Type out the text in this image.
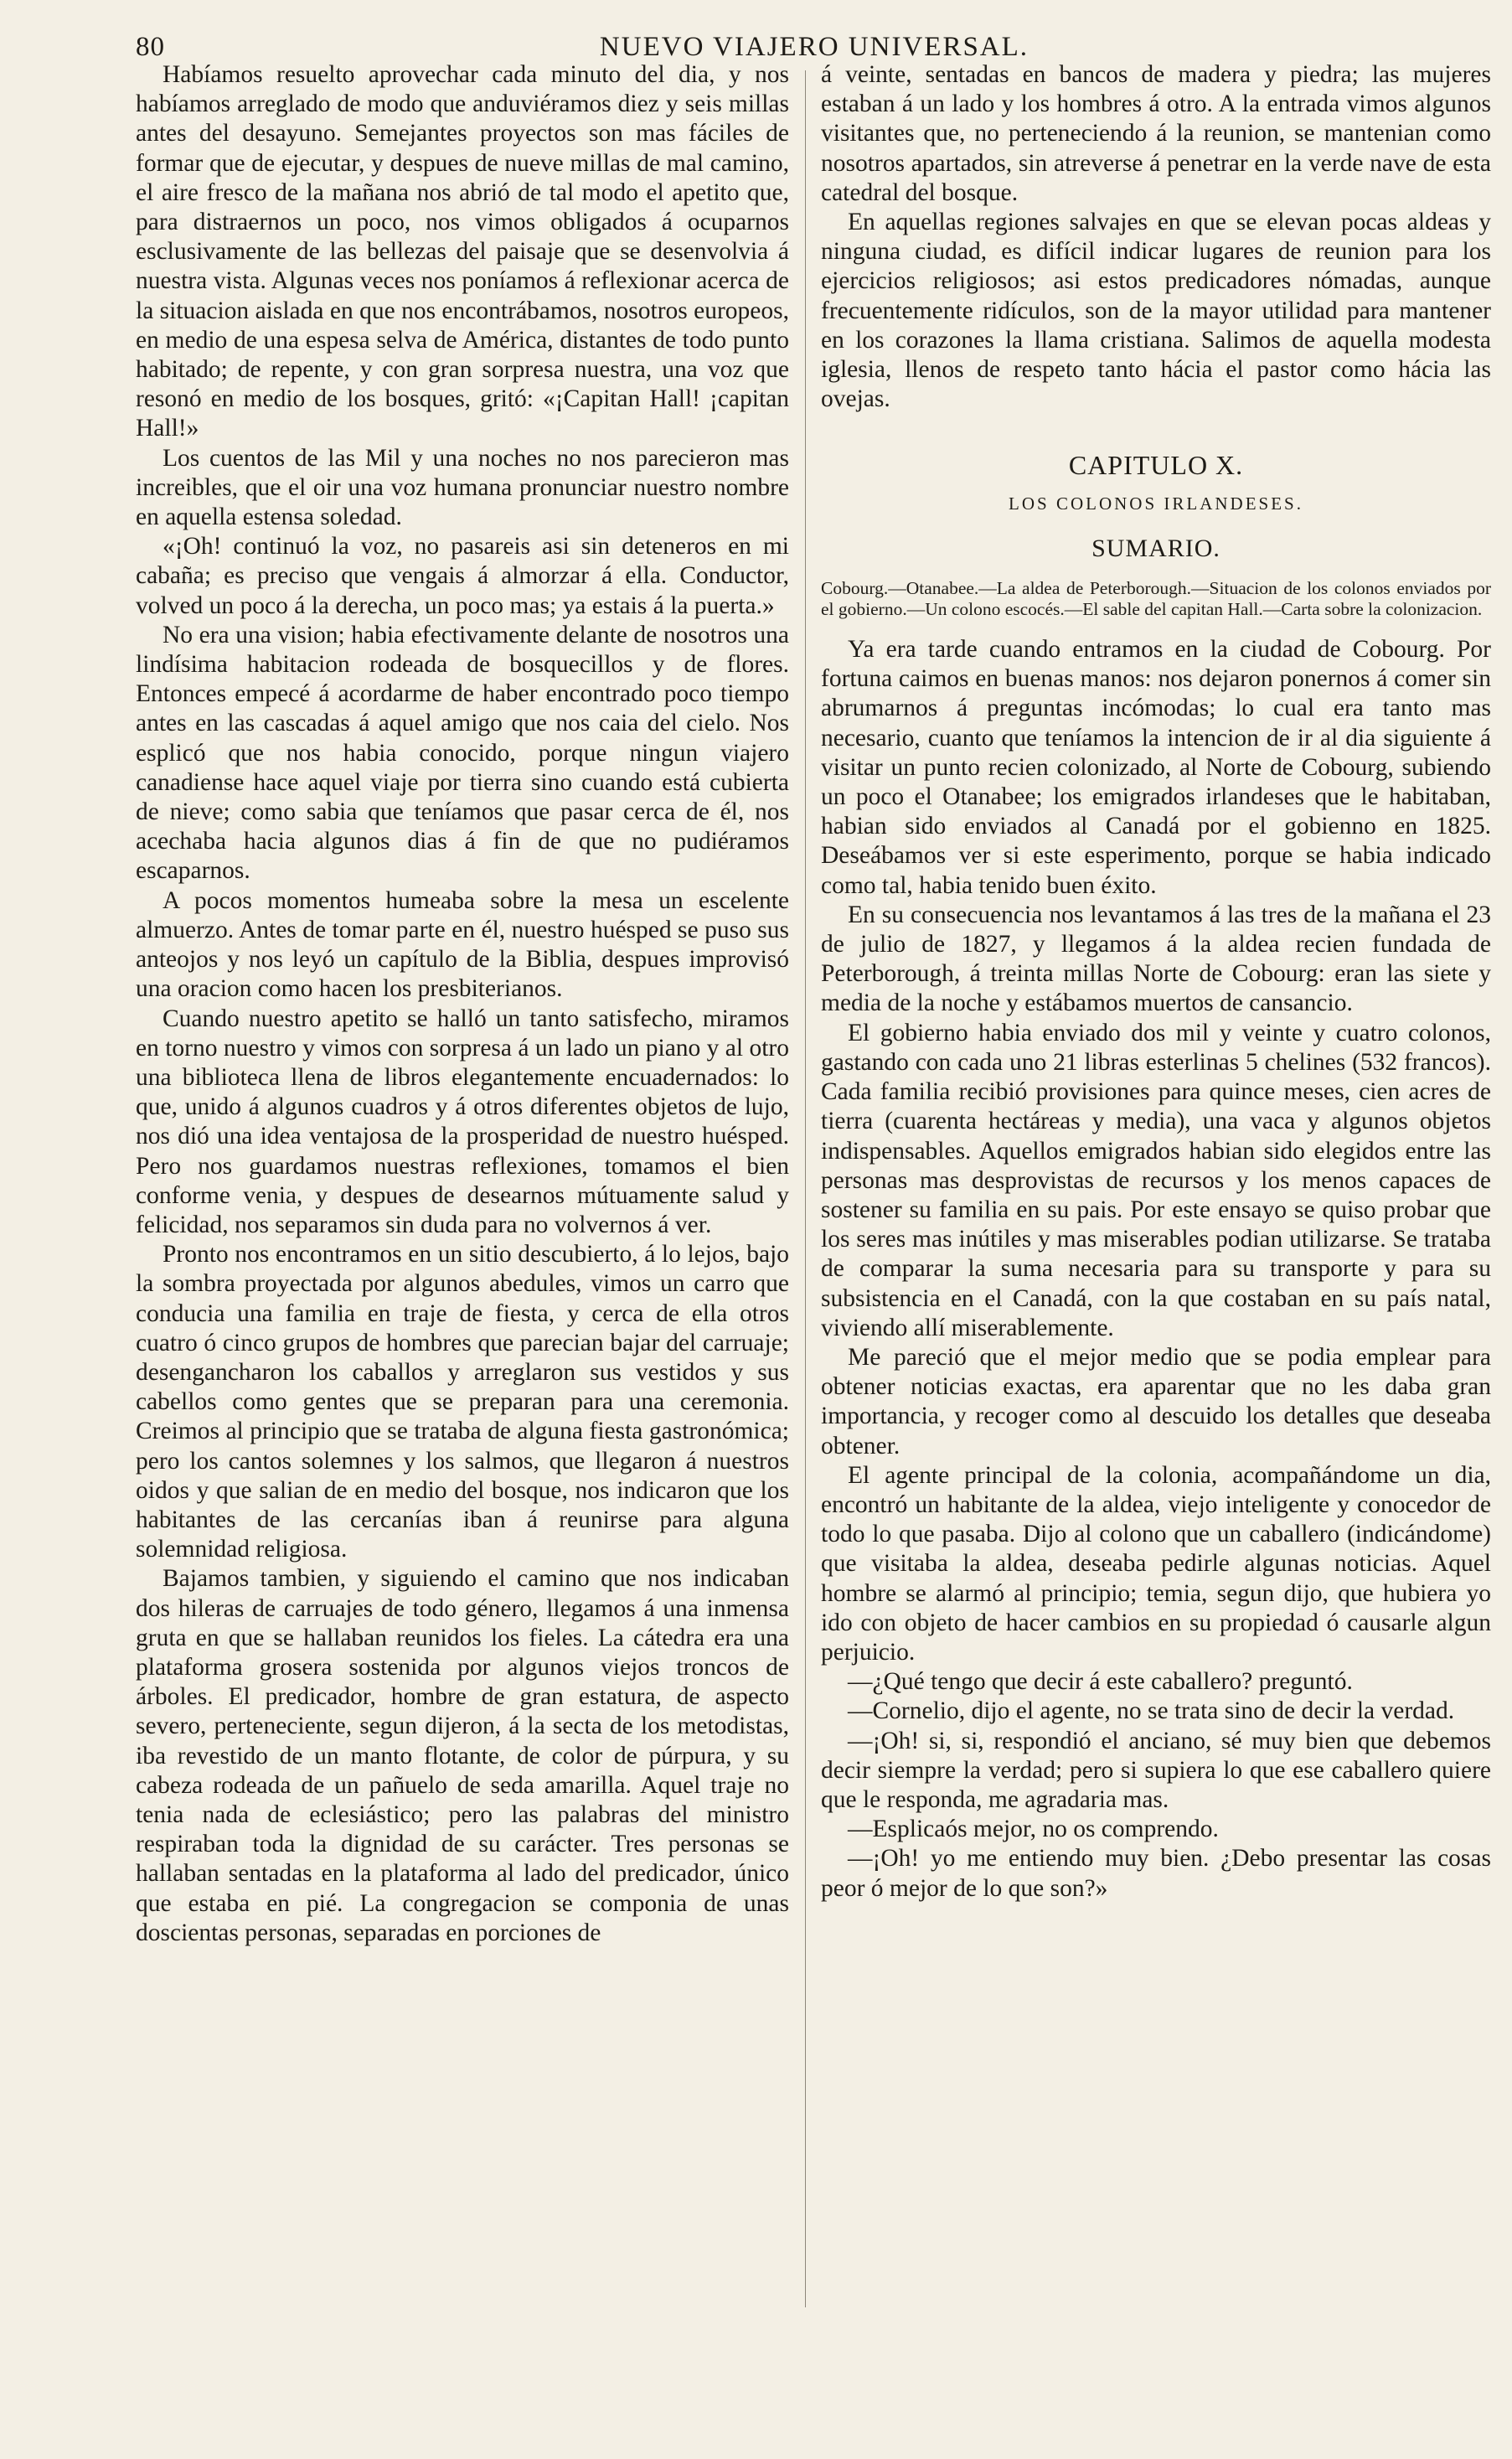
80	NUEVO VIAJERO UNIVERSAL.

Habíamos resuelto aprovechar cada minuto del dia, y nos habíamos arreglado de modo que anduviéramos diez y seis millas antes del desayuno. Semejantes proyectos son mas fáciles de formar que de ejecutar, y despues de nueve millas de mal camino, el aire fresco de la mañana nos abrió de tal modo el apetito que, para distraernos un poco, nos vimos obligados á ocuparnos esclusivamente de las bellezas del paisaje que se desenvolvia á nuestra vista. Algunas veces nos poníamos á reflexionar acerca de la situacion aislada en que nos encontrábamos, nosotros europeos, en medio de una espesa selva de América, distantes de todo punto habitado; de repente, y con gran sorpresa nuestra, una voz que resonó en medio de los bosques, gritó: «¡Capitan Hall! ¡capitan Hall!»

Los cuentos de las Mil y una noches no nos parecieron mas increibles, que el oir una voz humana pronunciar nuestro nombre en aquella estensa soledad.

«¡Oh! continuó la voz, no pasareis asi sin deteneros en mi cabaña; es preciso que vengais á almorzar á ella. Conductor, volved un poco á la derecha, un poco mas; ya estais á la puerta.»

No era una vision; habia efectivamente delante de nosotros una lindísima habitacion rodeada de bosquecillos y de flores. Entonces empecé á acordarme de haber encontrado poco tiempo antes en las cascadas á aquel amigo que nos caia del cielo. Nos esplicó que nos habia conocido, porque ningun viajero canadiense hace aquel viaje por tierra sino cuando está cubierta de nieve; como sabia que teníamos que pasar cerca de él, nos acechaba hacia algunos dias á fin de que no pudiéramos escaparnos.

A pocos momentos humeaba sobre la mesa un escelente almuerzo. Antes de tomar parte en él, nuestro huésped se puso sus anteojos y nos leyó un capítulo de la Biblia, despues improvisó una oracion como hacen los presbiterianos.

Cuando nuestro apetito se halló un tanto satisfecho, miramos en torno nuestro y vimos con sorpresa á un lado un piano y al otro una biblioteca llena de libros elegantemente encuadernados: lo que, unido á algunos cuadros y á otros diferentes objetos de lujo, nos dió una idea ventajosa de la prosperidad de nuestro huésped. Pero nos guardamos nuestras reflexiones, tomamos el bien conforme venia, y despues de desearnos mútuamente salud y felicidad, nos separamos sin duda para no volvernos á ver.

Pronto nos encontramos en un sitio descubierto, á lo lejos, bajo la sombra proyectada por algunos abedules, vimos un carro que conducia una familia en traje de fiesta, y cerca de ella otros cuatro ó cinco grupos de hombres que parecian bajar del carruaje; desengancharon los caballos y arreglaron sus vestidos y sus cabellos como gentes que se preparan para una ceremonia. Creimos al principio que se trataba de alguna fiesta gastronómica; pero los cantos solemnes y los salmos, que llegaron á nuestros oidos y que salian de en medio del bosque, nos indicaron que los habitantes de las cercanías iban á reunirse para alguna solemnidad religiosa.

Bajamos tambien, y siguiendo el camino que nos indicaban dos hileras de carruajes de todo género, llegamos á una inmensa gruta en que se hallaban reunidos los fieles. La cátedra era una plataforma grosera sostenida por algunos viejos troncos de árboles. El predicador, hombre de gran estatura, de aspecto severo, perteneciente, segun dijeron, á la secta de los metodistas, iba revestido de un manto flotante, de color de púrpura, y su cabeza rodeada de un pañuelo de seda amarilla. Aquel traje no tenia nada de eclesiástico; pero las palabras del ministro respiraban toda la dignidad de su carácter. Tres personas se hallaban sentadas en la plataforma al lado del predicador, único que estaba en pié. La congregacion se componia de unas doscientas personas, separadas en porciones de

á veinte, sentadas en bancos de madera y piedra; las mujeres estaban á un lado y los hombres á otro. A la entrada vimos algunos visitantes que, no perteneciendo á la reunion, se mantenian como nosotros apartados, sin atreverse á penetrar en la verde nave de esta catedral del bosque.

En aquellas regiones salvajes en que se elevan pocas aldeas y ninguna ciudad, es difícil indicar lugares de reunion para los ejercicios religiosos; asi estos predicadores nómadas, aunque frecuentemente ridículos, son de la mayor utilidad para mantener en los corazones la llama cristiana. Salimos de aquella modesta iglesia, llenos de respeto tanto hácia el pastor como hácia las ovejas.

CAPITULO X.
LOS COLONOS IRLANDESES.
SUMARIO.
Cobourg.—Otanabee.—La aldea de Peterborough.—Situacion de los colonos enviados por el gobierno.—Un colono escocés.—El sable del capitan Hall.—Carta sobre la colonizacion.

Ya era tarde cuando entramos en la ciudad de Cobourg. Por fortuna caimos en buenas manos: nos dejaron ponernos á comer sin abrumarnos á preguntas incómodas; lo cual era tanto mas necesario, cuanto que teníamos la intencion de ir al dia siguiente á visitar un punto recien colonizado, al Norte de Cobourg, subiendo un poco el Otanabee; los emigrados irlandeses que le habitaban, habian sido enviados al Canadá por el gobienno en 1825. Deseábamos ver si este esperimento, porque se habia indicado como tal, habia tenido buen éxito.

En su consecuencia nos levantamos á las tres de la mañana el 23 de julio de 1827, y llegamos á la aldea recien fundada de Peterborough, á treinta millas Norte de Cobourg: eran las siete y media de la noche y estábamos muertos de cansancio.

El gobierno habia enviado dos mil y veinte y cuatro colonos, gastando con cada uno 21 libras esterlinas 5 chelines (532 francos). Cada familia recibió provisiones para quince meses, cien acres de tierra (cuarenta hectáreas y media), una vaca y algunos objetos indispensables. Aquellos emigrados habian sido elegidos entre las personas mas desprovistas de recursos y los menos capaces de sostener su familia en su pais. Por este ensayo se quiso probar que los seres mas inútiles y mas miserables podian utilizarse. Se trataba de comparar la suma necesaria para su transporte y para su subsistencia en el Canadá, con la que costaban en su país natal, viviendo allí miserablemente.

Me pareció que el mejor medio que se podia emplear para obtener noticias exactas, era aparentar que no les daba gran importancia, y recoger como al descuido los detalles que deseaba obtener.

El agente principal de la colonia, acompañándome un dia, encontró un habitante de la aldea, viejo inteligente y conocedor de todo lo que pasaba. Dijo al colono que un caballero (indicándome) que visitaba la aldea, deseaba pedirle algunas noticias. Aquel hombre se alarmó al principio; temia, segun dijo, que hubiera yo ido con objeto de hacer cambios en su propiedad ó causarle algun perjuicio.

—¿Qué tengo que decir á este caballero? preguntó.

—Cornelio, dijo el agente, no se trata sino de decir la verdad.

—¡Oh! si, si, respondió el anciano, sé muy bien que debemos decir siempre la verdad; pero si supiera lo que ese caballero quiere que le responda, me agradaria mas.

—Esplicaós mejor, no os comprendo.

—¡Oh! yo me entiendo muy bien. ¿Debo presentar las cosas peor ó mejor de lo que son?»
